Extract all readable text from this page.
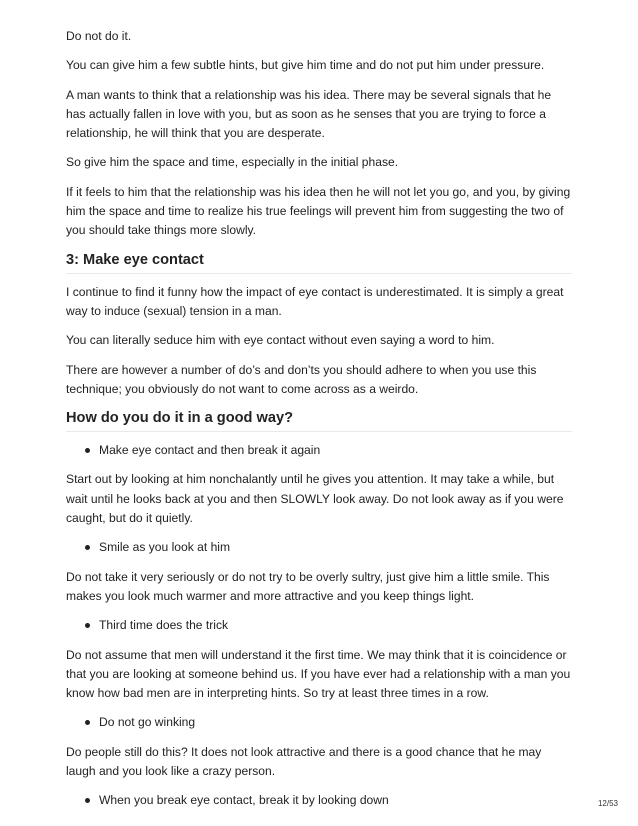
Do not do it.

You can give him a few subtle hints, but give him time and do not put him under pressure.

A man wants to think that a relationship was his idea. There may be several signals that he has actually fallen in love with you, but as soon as he senses that you are trying to force a relationship, he will think that you are desperate.

So give him the space and time, especially in the initial phase.

If it feels to him that the relationship was his idea then he will not let you go, and you, by giving him the space and time to realize his true feelings will prevent him from suggesting the two of you should take things more slowly.

3: Make eye contact

I continue to find it funny how the impact of eye contact is underestimated. It is simply a great way to induce (sexual) tension in a man.

You can literally seduce him with eye contact without even saying a word to him.

There are however a number of do’s and don’ts you should adhere to when you use this technique; you obviously do not want to come across as a weirdo.

How do you do it in a good way?
Make eye contact and then break it again

Start out by looking at him nonchalantly until he gives you attention. It may take a while, but wait until he looks back at you and then SLOWLY look away. Do not look away as if you were caught, but do it quietly.

Smile as you look at him

Do not take it very seriously or do not try to be overly sultry, just give him a little smile. This makes you look much warmer and more attractive and you keep things light.

Third time does the trick

Do not assume that men will understand it the first time. We may think that it is coincidence or that you are looking at someone behind us. If you have ever had a relationship with a man you know how bad men are in interpreting hints. So try at least three times in a row.

Do not go winking

Do people still do this? It does not look attractive and there is a good chance that he may laugh and you look like a crazy person.

When you break eye contact, break it by looking down	12/53
